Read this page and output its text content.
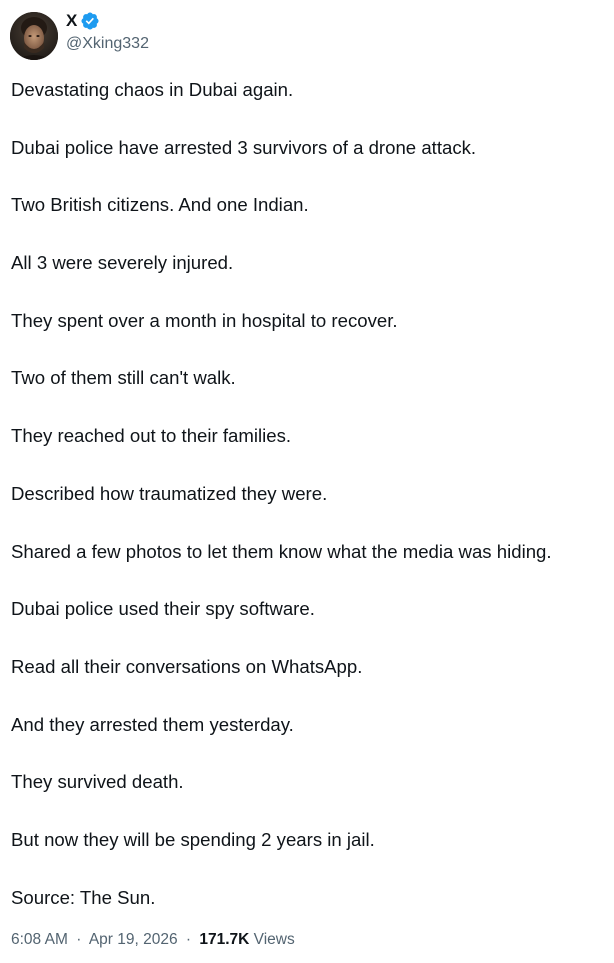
X
@Xking332
Devastating chaos in Dubai again.
Dubai police have arrested 3 survivors of a drone attack.
Two British citizens. And one Indian.
All 3 were severely injured.
They spent over a month in hospital to recover.
Two of them still can't walk.
They reached out to their families.
Described how traumatized they were.
Shared a few photos to let them know what the media was hiding.
Dubai police used their spy software.
Read all their conversations on WhatsApp.
And they arrested them yesterday.
They survived death.
But now they will be spending 2 years in jail.
Source: The Sun.
6:08 AM · Apr 19, 2026 · 171.7K Views
